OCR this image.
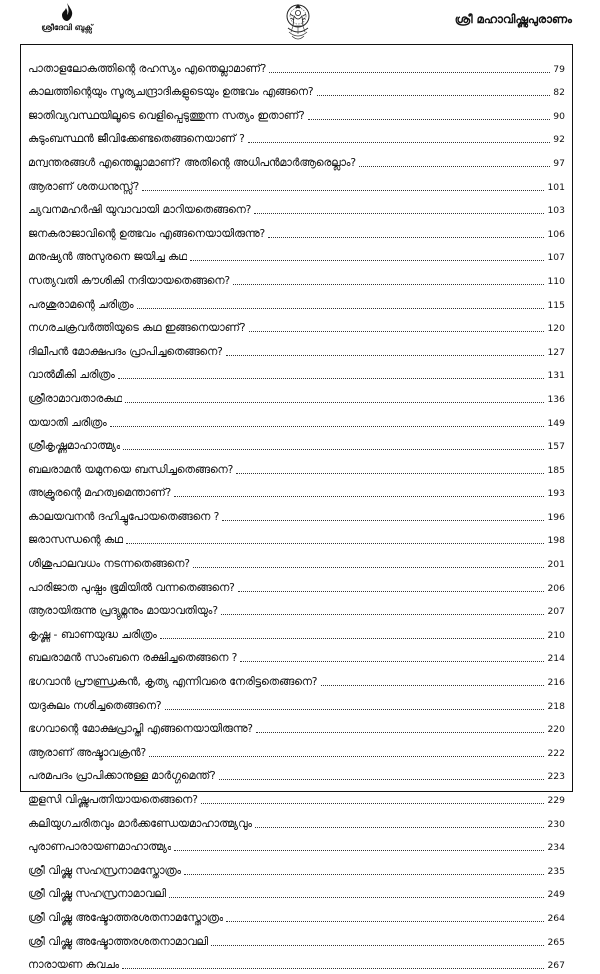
ശ്രീദേവി ബുക്സ്
ശ്രീ മഹാവിഷ്ണുപുരാണം
പാതാളലോകത്തിന്റെ രഹസ്യം എന്തെല്ലാമാണ്?	79
കാലത്തിന്റെയും സൂര്യചന്ദ്രാദികളുടെയും ഉത്ഭവം എങ്ങനെ?	82
ജാതിവ്യവസ്ഥയിലൂടെ വെളിപ്പെടുത്തുന്ന സത്യം ഇതാണ്?	90
കുടുംബസ്ഥൻ ജീവിക്കേണ്ടതെങ്ങനെയാണ് ?	92
മന്വന്തരങ്ങൾ എന്തെല്ലാമാണ്? അതിന്റെ അധിപൻമാർആരെല്ലാം?	97
ആരാണ് ശതധനുസ്സ്?	101
ച്യവനമഹർഷി യുവാവായി മാറിയതെങ്ങനെ?	103
ജനകരാജാവിന്റെ ഉത്ഭവം എങ്ങനെയായിരുന്നു?	106
മനുഷ്യൻ അസുരനെ ജയിച്ച കഥ	107
സത്യവതി കൗശികി നദിയായതെങ്ങനെ?	110
പരശുരാമന്റെ ചരിത്രം	115
നഗരചക്രവർത്തിയുടെ കഥ ഇങ്ങനെയാണ്?	120
ദിലീപൻ മോക്ഷപദം പ്രാപിച്ചതെങ്ങനെ?	127
വാൽമീകി ചരിത്രം	131
ശ്രീരാമാവതാരകഥ	136
യയാതി ചരിത്രം	149
ശ്രീകൃഷ്ണമാഹാത്മ്യം	157
ബലരാമൻ യമുനയെ ബന്ധിച്ചതെങ്ങനെ?	185
അക്രൂരന്റെ മഹത്വമെന്താണ്?	193
കാലയവനൻ ദഹിച്ചുപോയതെങ്ങനെ ?	196
ജരാസന്ധന്റെ കഥ	198
ശിശുപാലവധം നടന്നതെങ്ങനെ?	201
പാരിജാത പുഷ്പം ഭൂമിയിൽ വന്നതെങ്ങനെ?	206
ആരായിരുന്നു പ്രദ്യുമ്നനും മായാവതിയും?	207
കൃഷ്ണ - ബാണയുദ്ധ ചരിത്രം	210
ബലരാമൻ സാംബനെ രക്ഷിച്ചതെങ്ങനെ ?	214
ഭഗവാൻ പ്രൗണ്ഡ്രകൻ, കൃത്യ എന്നിവരെ നേരിട്ടതെങ്ങനെ?	216
യദുകുലം നശിച്ചതെങ്ങനെ?	218
ഭഗവാന്റെ മോക്ഷപ്രാപ്തി എങ്ങനെയായിരുന്നു?	220
ആരാണ് അഷ്ടാവക്രൻ?	222
പരമപദം പ്രാപിക്കാനുള്ള മാർഗ്ഗമെന്ത്?	223
തുളസി വിഷ്ണുപത്നിയായതെങ്ങനെ?	229
കലിയുഗചരിതവും മാർക്കണ്ഡേയമാഹാത്മ്യവും	230
പുരാണപാരായണമാഹാത്മ്യം	234
ശ്രീ വിഷ്ണു സഹസ്രനാമസ്തോത്രം	235
ശ്രീ വിഷ്ണു സഹസ്രനാമാവലി	249
ശ്രീ വിഷ്ണു അഷ്ടോത്തരശതനാമസ്തോത്രം	264
ശ്രീ വിഷ്ണു അഷ്ടോത്തരശതനാമാവലി	265
നാരായണ കവചം	267
